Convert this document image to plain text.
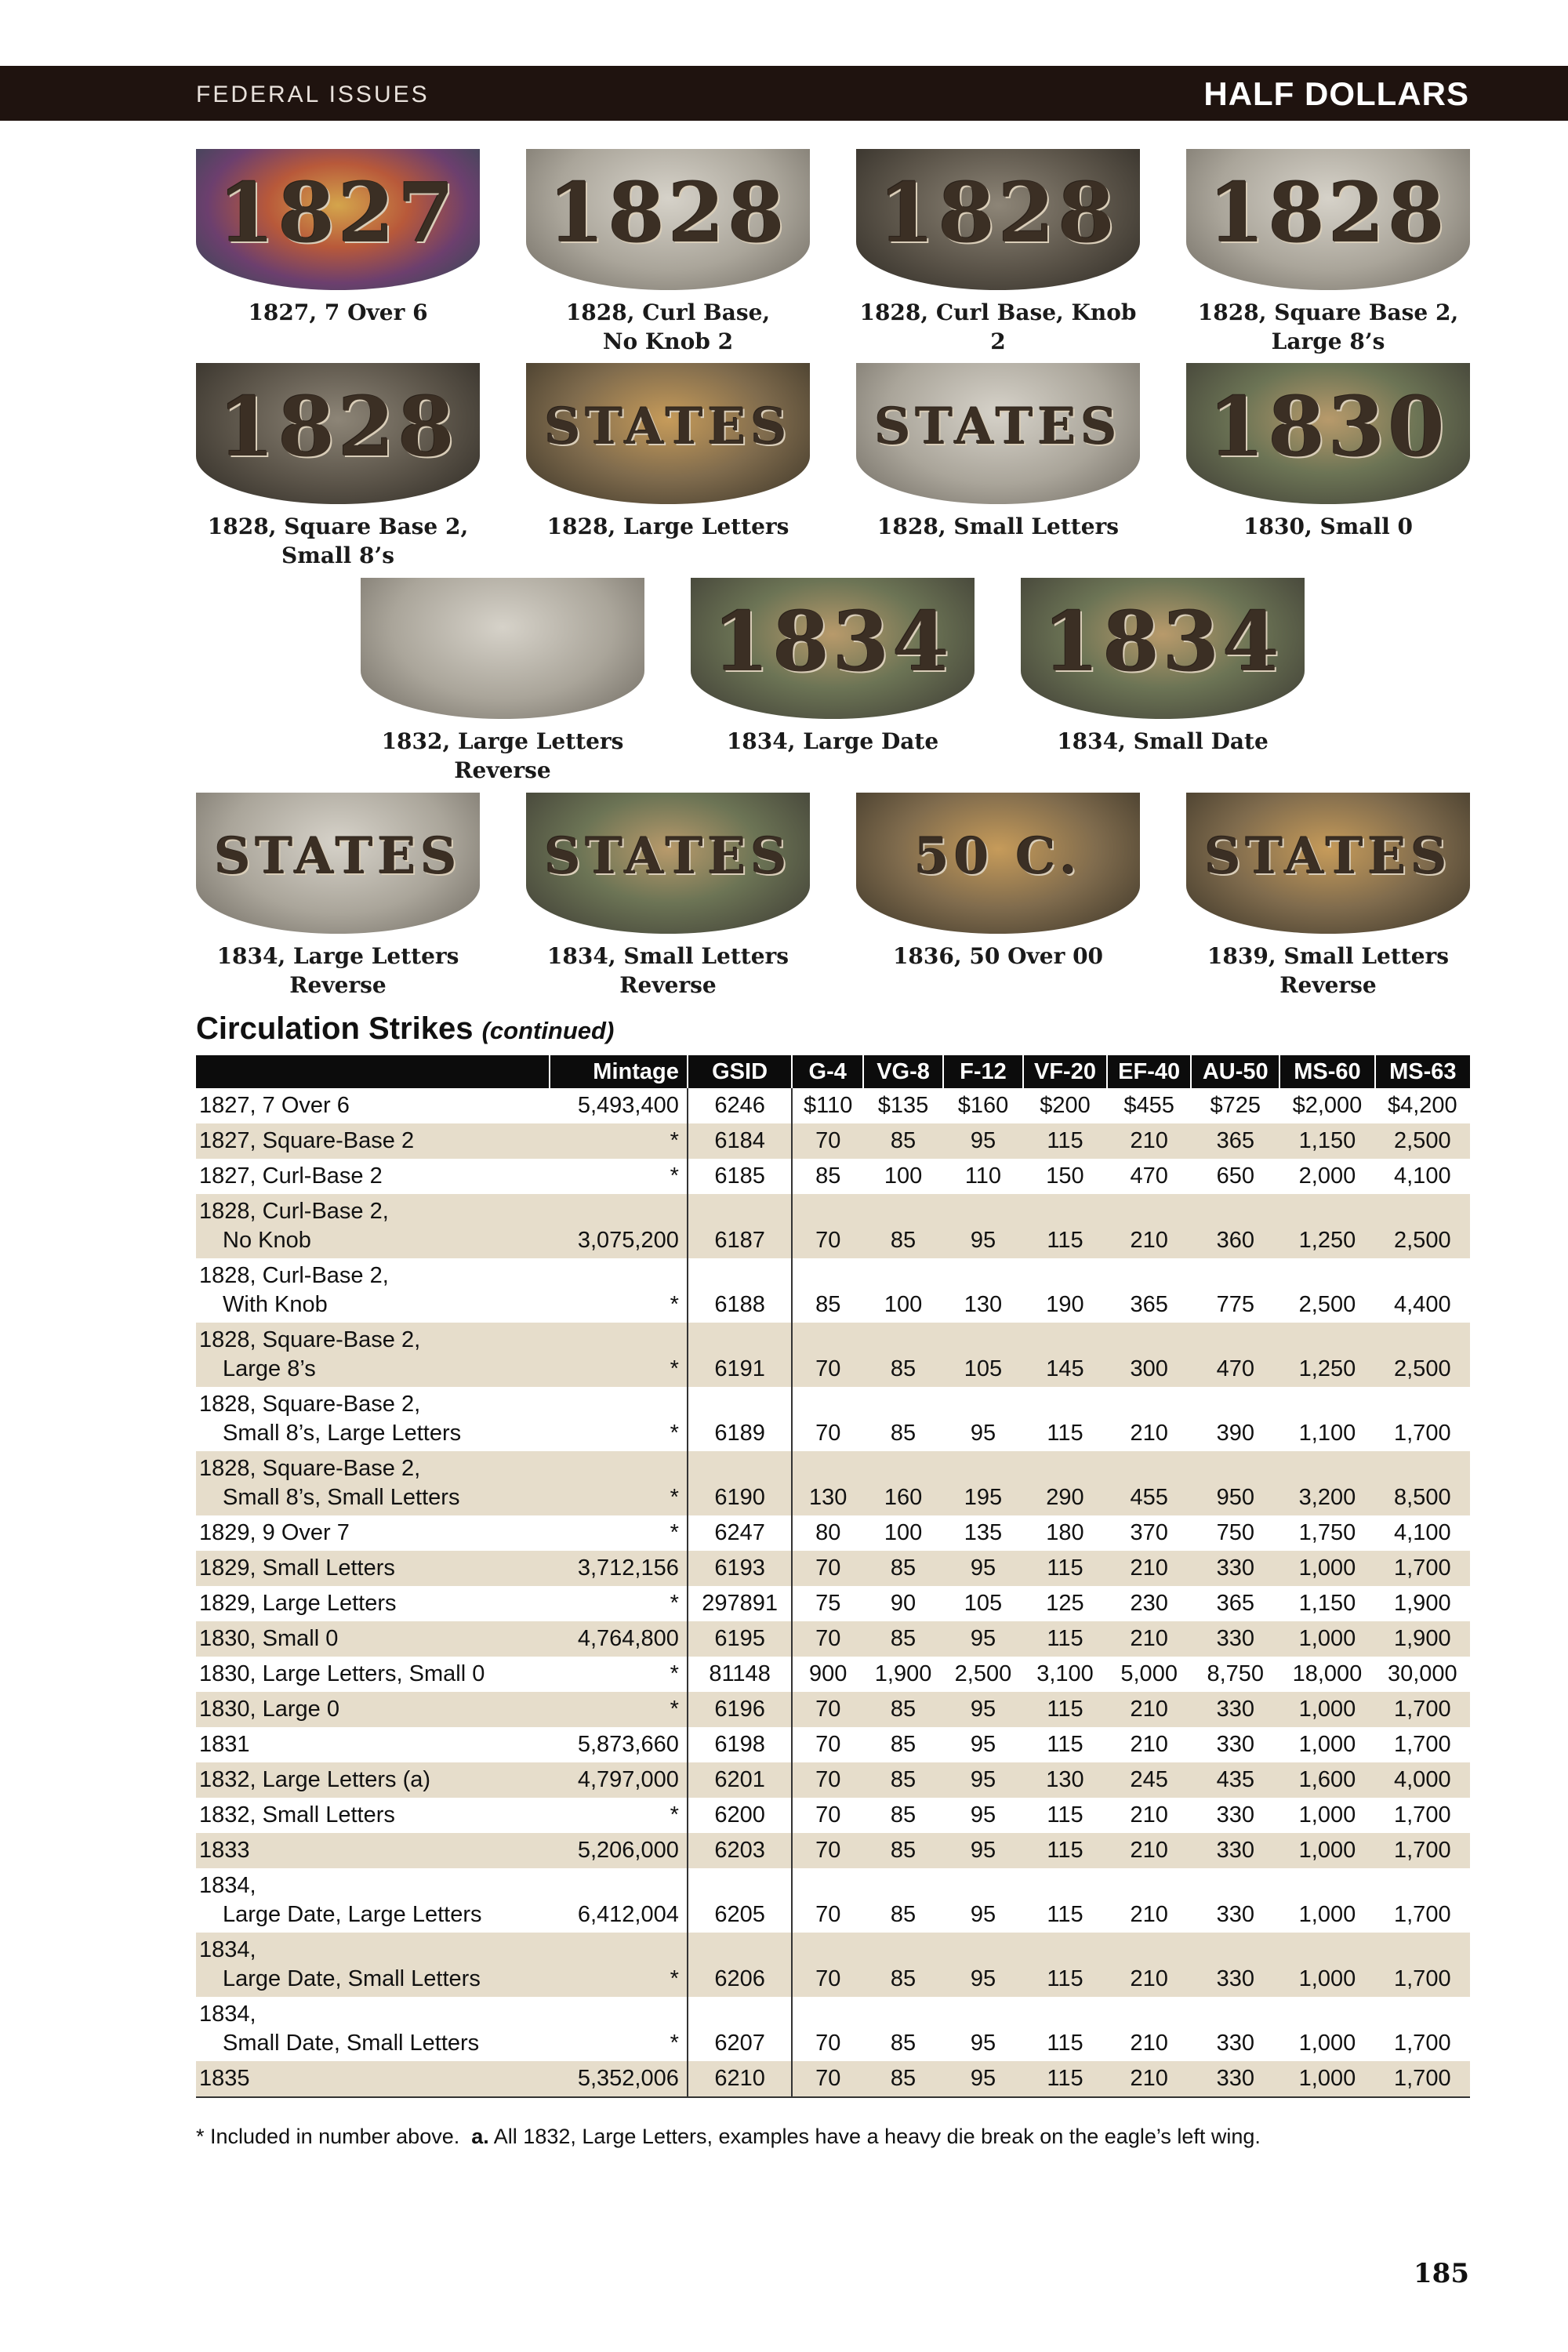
FEDERAL ISSUES	HALF DOLLARS
1827
1827, 7 Over 6
1828
1828, Curl Base,
No Knob 2
1828
1828, Curl Base, Knob 2
1828
1828, Square Base 2,
Large 8’s
1828
1828, Square Base 2,
Small 8’s
STATES
1828, Large Letters
STATES
1828, Small Letters
1830
1830, Small 0
1832, Large Letters
Reverse
1834
1834, Large Date
1834
1834, Small Date
STATES
1834, Large Letters
Reverse
STATES
1834, Small Letters
Reverse
50 C.
1836, 50 Over 00
STATES
1839, Small Letters
Reverse
Circulation Strikes (continued)
	Mintage	GSID	G-4	VG-8	F-12	VF-20	EF-40	AU-50	MS-60	MS-63

1827, 7 Over 6	5,493,400	6246	$110	$135	$160	$200	$455	$725	$2,000	$4,200

1827, Square-Base 2	*	6184	70	85	95	115	210	365	1,150	2,500

1827, Curl-Base 2	*	6185	85	100	110	150	470	650	2,000	4,100

1828, Curl-Base 2,
No Knob	3,075,200	6187	70	85	95	115	210	360	1,250	2,500

1828, Curl-Base 2,
With Knob	*	6188	85	100	130	190	365	775	2,500	4,400

1828, Square-Base 2,
Large 8’s	*	6191	70	85	105	145	300	470	1,250	2,500

1828, Square-Base 2,
Small 8’s, Large Letters	*	6189	70	85	95	115	210	390	1,100	1,700

1828, Square-Base 2,
Small 8’s, Small Letters	*	6190	130	160	195	290	455	950	3,200	8,500

1829, 9 Over 7	*	6247	80	100	135	180	370	750	1,750	4,100

1829, Small Letters	3,712,156	6193	70	85	95	115	210	330	1,000	1,700

1829, Large Letters	*	297891	75	90	105	125	230	365	1,150	1,900

1830, Small 0	4,764,800	6195	70	85	95	115	210	330	1,000	1,900

1830, Large Letters, Small 0	*	81148	900	1,900	2,500	3,100	5,000	8,750	18,000	30,000

1830, Large 0	*	6196	70	85	95	115	210	330	1,000	1,700

1831	5,873,660	6198	70	85	95	115	210	330	1,000	1,700

1832, Large Letters (a)	4,797,000	6201	70	85	95	130	245	435	1,600	4,000

1832, Small Letters	*	6200	70	85	95	115	210	330	1,000	1,700

1833	5,206,000	6203	70	85	95	115	210	330	1,000	1,700

1834,
Large Date, Large Letters	6,412,004	6205	70	85	95	115	210	330	1,000	1,700

1834,
Large Date, Small Letters	*	6206	70	85	95	115	210	330	1,000	1,700

1834,
Small Date, Small Letters	*	6207	70	85	95	115	210	330	1,000	1,700

1835	5,352,006	6210	70	85	95	115	210	330	1,000	1,700
* Included in number above. a. All 1832, Large Letters, examples have a heavy die break on the eagle’s left wing.
185
